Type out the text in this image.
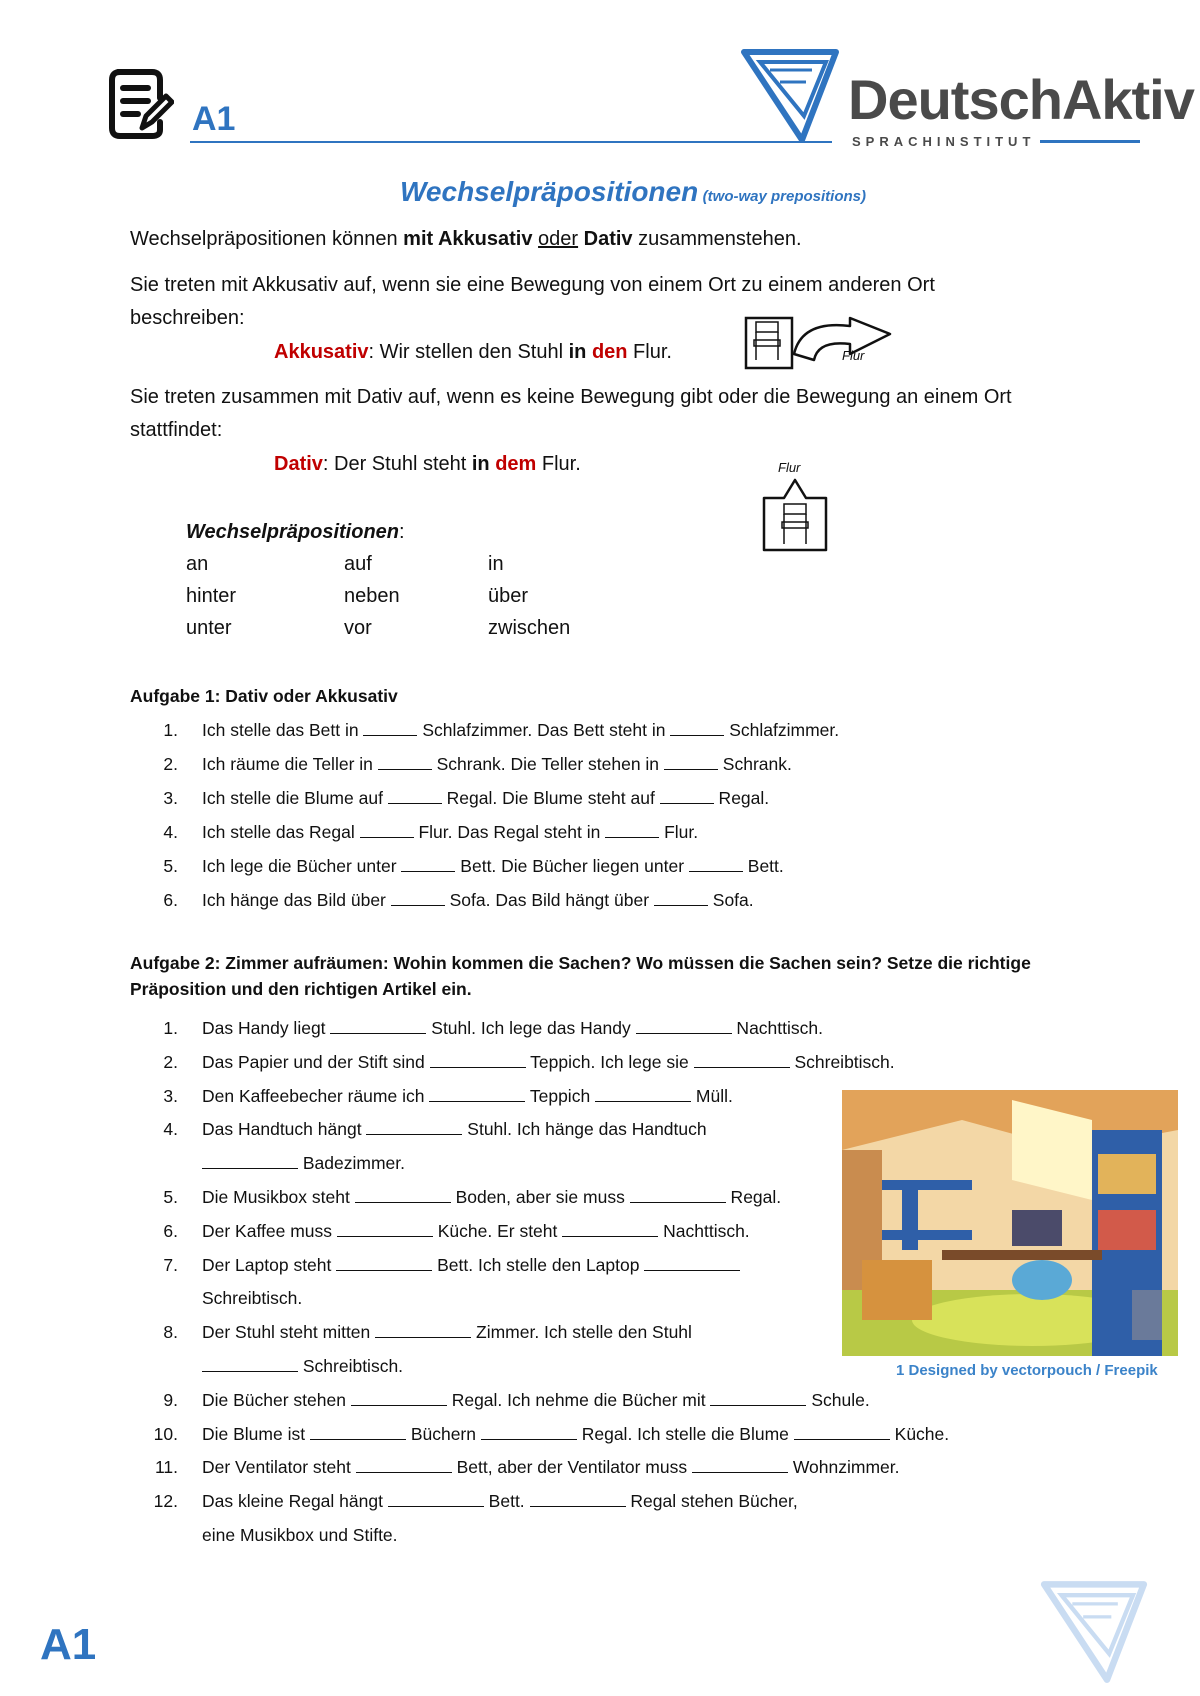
A1	DeutschAktiv
SPRACHINSTITUT
Wechselpräpositionen (two-way prepositions)
Wechselpräpositionen können mit Akkusativ oder Dativ zusammenstehen.
Sie treten mit Akkusativ auf, wenn sie eine Bewegung von einem Ort zu einem anderen Ort
beschreiben:
Akkusativ: Wir stellen den Stuhl in den Flur.	Flur
Sie treten zusammen mit Dativ auf, wenn es keine Bewegung gibt oder die Bewegung an einem Ort
stattfindet:
Dativ: Der Stuhl steht in dem Flur.	Flur
Wechselpräpositionen:
an	auf	in
hinter	neben	über
unter	vor	zwischen
Aufgabe 1: Dativ oder Akkusativ
1. Ich stelle das Bett in	Schlafzimmer. Das Bett steht in	Schlafzimmer.
2. Ich räume die Teller in	Schrank. Die Teller stehen in	Schrank.
3. Ich stelle die Blume auf	Regal. Die Blume steht auf	Regal.
4. Ich stelle das Regal	Flur. Das Regal steht in	Flur.
5. Ich lege die Bücher unter	Bett. Die Bücher liegen unter	Bett.
6. Ich hänge das Bild über	Sofa. Das Bild hängt über	Sofa.
Aufgabe 2: Zimmer aufräumen: Wohin kommen die Sachen? Wo müssen die Sachen sein? Setze die richtige
Präposition und den richtigen Artikel ein.
1. Das Handy liegt	Stuhl. Ich lege das Handy	Nachttisch.
2. Das Papier und der Stift sind	Teppich. Ich lege sie	Schreibtisch.
3. Den Kaffeebecher räume ich	Teppich	Müll.
4. Das Handtuch hängt	Stuhl. Ich hänge das Handtuch
Badezimmer.
5. Die Musikbox steht	Boden, aber sie muss	Regal.
6. Der Kaffee muss	Küche. Er steht	Nachttisch.
7. Der Laptop steht	Bett. Ich stelle den Laptop
Schreibtisch.
8. Der Stuhl steht mitten	Zimmer. Ich stelle den Stuhl
Schreibtisch.
9. Die Bücher stehen	Regal. Ich nehme die Bücher mit	Schule.
10. Die Blume ist	Büchern	Regal. Ich stelle die Blume	Küche.
11. Der Ventilator steht	Bett, aber der Ventilator muss	Wohnzimmer.
12. Das kleine Regal hängt	Bett.	Regal stehen Bücher,
eine Musikbox und Stifte.
1 Designed by vectorpouch / Freepik
A1
